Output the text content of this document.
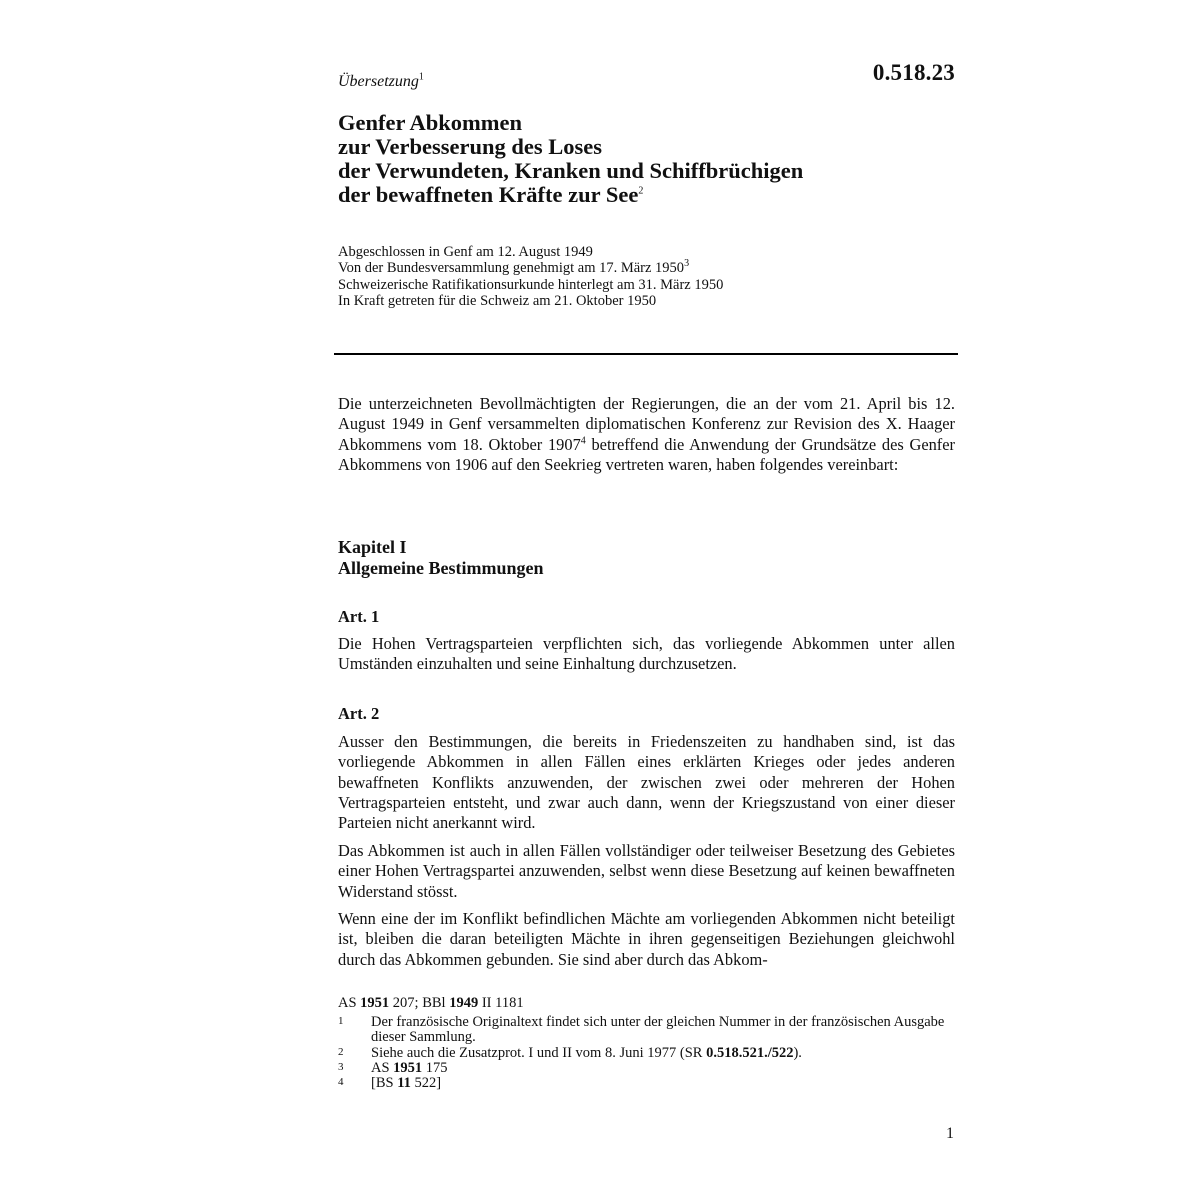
0.518.23
Übersetzung$^1$
Genfer Abkommen
zur Verbesserung des Loses
der Verwundeten, Kranken und Schiffbrüchigen
der bewaffneten Kräfte zur See$^2$
Abgeschlossen in Genf am 12. August 1949
Von der Bundesversammlung genehmigt am 17. März 1950$^3$
Schweizerische Ratifikationsurkunde hinterlegt am 31. März 1950
In Kraft getreten für die Schweiz am 21. Oktober 1950

Die unterzeichneten Bevollmächtigten der Regierungen, die an der vom 21. April bis 12. August 1949 in Genf versammelten diplomatischen Konferenz zur Revision des X. Haager Abkommens vom 18. Oktober 1907$^4$ betreffend die Anwendung der Grundsätze des Genfer Abkommens von 1906 auf den Seekrieg vertreten waren, haben folgendes vereinbart:

Kapitel I
Allgemeine Bestimmungen
Art. 1

Die Hohen Vertragsparteien verpflichten sich, das vorliegende Abkommen unter allen Umständen einzuhalten und seine Einhaltung durchzusetzen.

Art. 2

Ausser den Bestimmungen, die bereits in Friedenszeiten zu handhaben sind, ist das vorliegende Abkommen in allen Fällen eines erklärten Krieges oder jedes anderen bewaffneten Konflikts anzuwenden, der zwischen zwei oder mehreren der Hohen Vertragsparteien entsteht, und zwar auch dann, wenn der Kriegszustand von einer dieser Parteien nicht anerkannt wird.

Das Abkommen ist auch in allen Fällen vollständiger oder teilweiser Besetzung des Gebietes einer Hohen Vertragspartei anzuwenden, selbst wenn diese Besetzung auf keinen bewaffneten Widerstand stösst.

Wenn eine der im Konflikt befindlichen Mächte am vorliegenden Abkommen nicht beteiligt ist, bleiben die daran beteiligten Mächte in ihren gegenseitigen Beziehungen gleichwohl durch das Abkommen gebunden. Sie sind aber durch das Abkom-

AS 1951 207; BBl 1949 II 1181
1	Der französische Originaltext findet sich unter der gleichen Nummer in der französischen Ausgabe dieser Sammlung.
2	Siehe auch die Zusatzprot. I und II vom 8. Juni 1977 (SR 0.518.521./522).
3	AS 1951 175
4	[BS 11 522]
1
